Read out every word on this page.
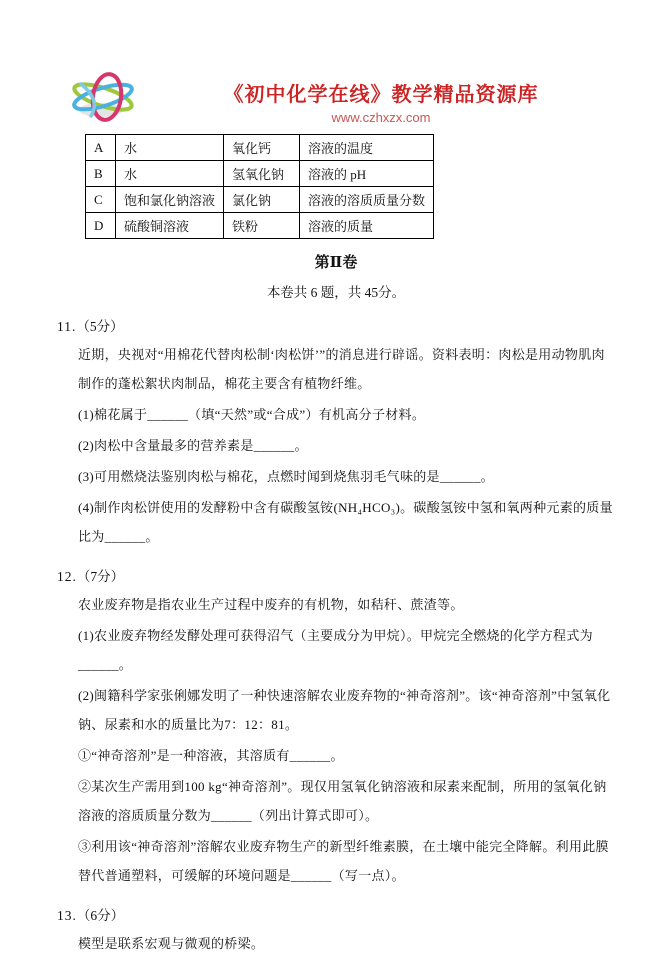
《初中化学在线》教学精品资源库
www.czhxzx.com
A	水	氧化钙	溶液的温度
B	水	氢氧化钠	溶液的 pH
C	饱和氯化钠溶液	氯化钠	溶液的溶质质量分数
D	硫酸铜溶液	铁粉	溶液的质量
第Ⅱ卷
本卷共 6 题，共 45分。
11.（5分）

近期，央视对“用棉花代替肉松制‘肉松饼’”的消息进行辟谣。资料表明：肉松是用动物肌肉制作的蓬松絮状肉制品，棉花主要含有植物纤维。

(1)棉花属于______（填“天然”或“合成”）有机高分子材料。

(2)肉松中含量最多的营养素是______。

(3)可用燃烧法鉴别肉松与棉花，点燃时闻到烧焦羽毛气味的是______。

(4)制作肉松饼使用的发酵粉中含有碳酸氢铵(NH₄HCO₃)。碳酸氢铵中氢和氧两种元素的质量比为______。

12.（7分）

农业废弃物是指农业生产过程中废弃的有机物，如秸秆、蔗渣等。

(1)农业废弃物经发酵处理可获得沼气（主要成分为甲烷）。甲烷完全燃烧的化学方程式为______。

(2)闽籍科学家张俐娜发明了一种快速溶解农业废弃物的“神奇溶剂”。该“神奇溶剂”中氢氧化钠、尿素和水的质量比为7：12：81。

①“神奇溶剂”是一种溶液，其溶质有______。

②某次生产需用到100 kg“神奇溶剂”。现仅用氢氧化钠溶液和尿素来配制，所用的氢氧化钠溶液的溶质质量分数为______（列出计算式即可）。

③利用该“神奇溶剂”溶解农业废弃物生产的新型纤维素膜，在土壤中能完全降解。利用此膜替代普通塑料，可缓解的环境问题是______（写一点）。

13.（6分）

模型是联系宏观与微观的桥梁。
